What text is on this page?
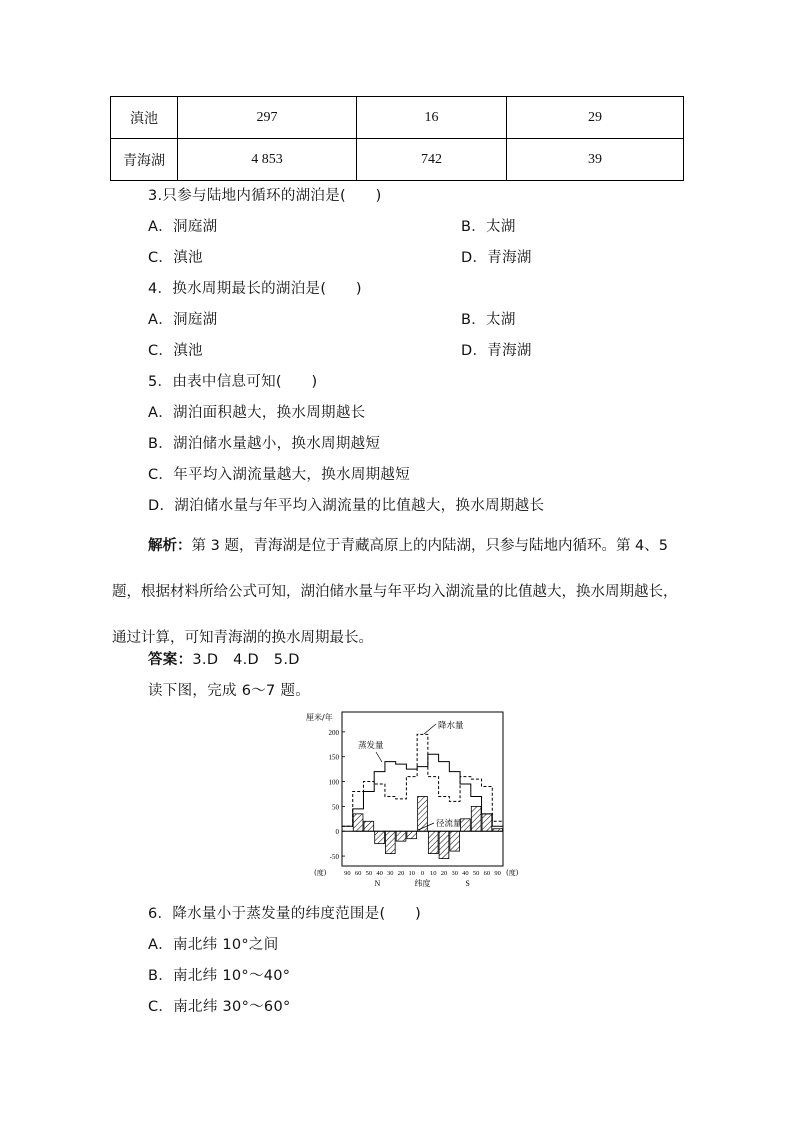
滇池	297	16	29
青海湖	4 853	742	39
3.只参与陆地内循环的湖泊是(　　)
A．洞庭湖	B．太湖
C．滇池	D．青海湖
4．换水周期最长的湖泊是(　　)
A．洞庭湖	B．太湖
C．滇池	D．青海湖
5．由表中信息可知(　　)
A．湖泊面积越大，换水周期越长
B．湖泊储水量越小，换水周期越短
C．年平均入湖流量越大，换水周期越短
D．湖泊储水量与年平均入湖流量的比值越大，换水周期越长
解析：第 3 题，青海湖是位于青藏高原上的内陆湖，只参与陆地内循环。第 4、5 题，根据材料所给公式可知，湖泊储水量与年平均入湖流量的比值越大，换水周期越长，通过计算，可知青海湖的换水周期最长。
答案：3.D　4.D　5.D
读下图，完成 6～7 题。
-50
0
50
100
150
200
90 60 50 40 30 20 10 0 10 20 30 40 50 60 90
(度)	(度)
厘米/年
纬度
N	S
降水量
蒸发量
径流量
6．降水量小于蒸发量的纬度范围是(　　)
A．南北纬 10°之间
B．南北纬 10°～40°
C．南北纬 30°～60°
